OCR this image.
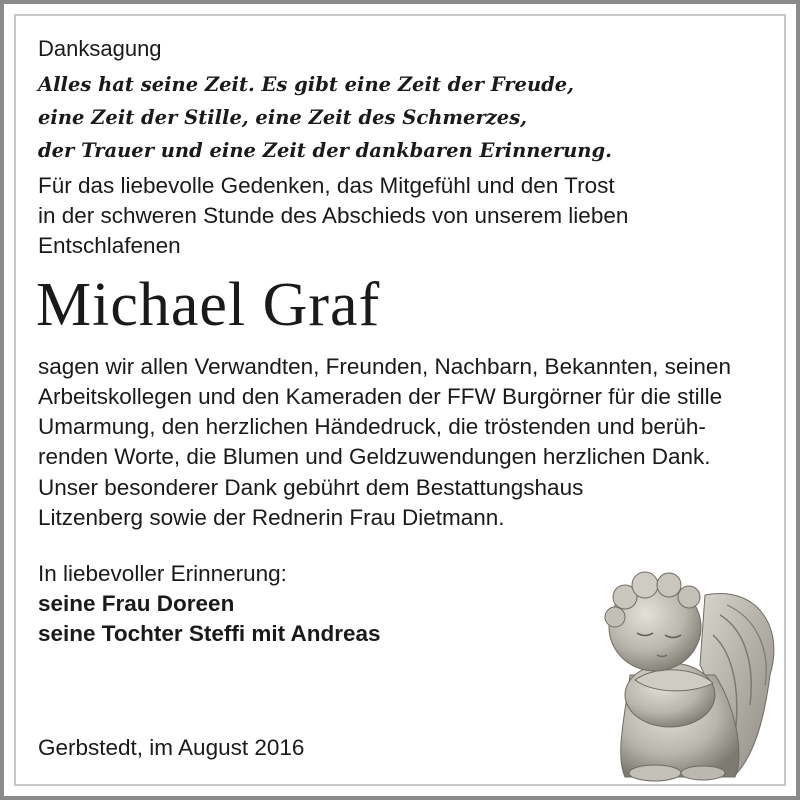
Danksagung
Alles hat seine Zeit. Es gibt eine Zeit der Freude,
eine Zeit der Stille, eine Zeit des Schmerzes,
der Trauer und eine Zeit der dankbaren Erinnerung.
Für das liebevolle Gedenken, das Mitgefühl und den Trost
in der schweren Stunde des Abschieds von unserem lieben
Entschlafenen
Michael Graf
sagen wir allen Verwandten, Freunden, Nachbarn, Bekannten, seinen
Arbeitskollegen und den Kameraden der FFW Burgörner für die stille
Umarmung, den herzlichen Händedruck, die tröstenden und berüh-
renden Worte, die Blumen und Geldzuwendungen herzlichen Dank.
Unser besonderer Dank gebührt dem Bestattungshaus
Litzenberg sowie der Rednerin Frau Dietmann.
In liebevoller Erinnerung:
seine Frau Doreen
seine Tochter Steffi mit Andreas
Gerbstedt, im August 2016
